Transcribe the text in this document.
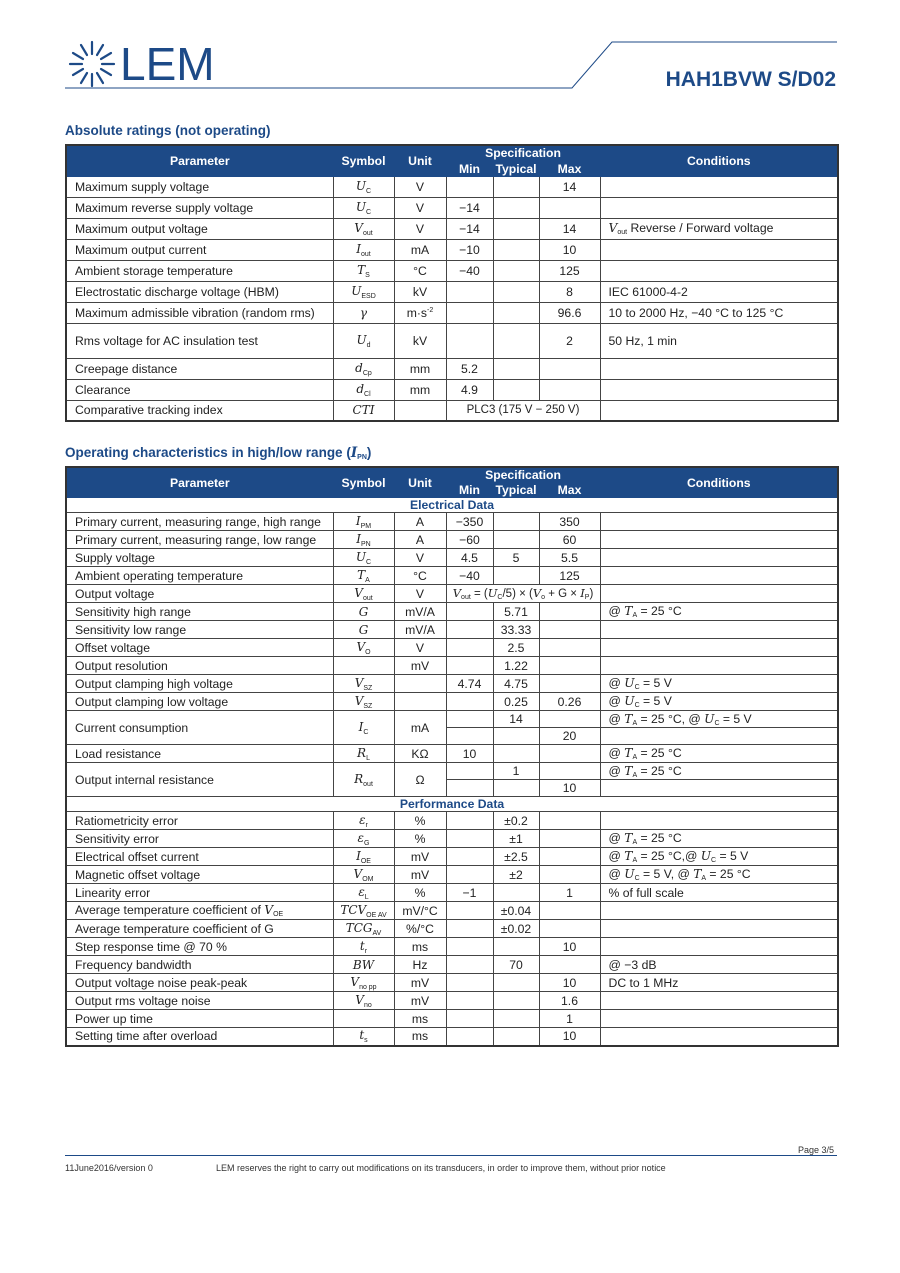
LEM	HAH1BVW S/D02
Absolute ratings (not operating)
Parameter	Symbol	Unit	Specification			Conditions
			Min	Typical	Max	
Maximum supply voltage	$U_C$	V			14	
Maximum reverse supply voltage	$U_C$	V	−14			
Maximum output voltage	$V_{out}$	V	−14		14	$V_{out}$ Reverse / Forward voltage
Maximum output current	$I_{out}$	mA	−10		10	
Ambient storage temperature	$T_S$	°C	−40		125	
Electrostatic discharge voltage (HBM)	$U_{ESD}$	kV			8	IEC 61000-4-2
Maximum admissible vibration (random rms)	γ	$m\cdot s^{-2}$			96.6	10 to 2000 Hz, −40 °C to 125 °C
Rms voltage for AC insulation test	$U_d$	kV			2	50 Hz, 1 min
Creepage distance	$d_{Cp}$	mm	5.2			
Clearance	$d_{Cl}$	mm	4.9			
Comparative tracking index	CTI		PLC3 (175 V − 250 V)			
Operating characteristics in high/low range $(I_{PN})$
Parameter	Symbol	Unit	Specification			Conditions
			Min	Typical	Max	
Electrical Data						
Primary current, measuring range, high range	$I_{PM}$	A	−350		350	
Primary current, measuring range, low range	$I_{PN}$	A	−60		60	
Supply voltage	$U_C$	V	4.5	5	5.5	
Ambient operating temperature	$T_A$	°C	−40		125	
Output voltage	$V_{out}$	V	$V_{out} = (U_C/5) \times (V_o + G \times I_P)$			
Sensitivity high range	G	mV/A		5.71		@ $T_A = 25$ °C
Sensitivity low range	G	mV/A		33.33		
Offset voltage	$V_O$	V		2.5		
Output resolution		mV		1.22		
Output clamping high voltage	$V_{SZ}$		4.74	4.75		@ $U_C = 5$ V
Output clamping low voltage	$V_{SZ}$			0.25	0.26	@ $U_C = 5$ V
Current consumption	$I_C$	mA		14		@ $T_A = 25$ °C, @ $U_C = 5$ V
					20	
Load resistance	$R_L$	KΩ	10			@ $T_A = 25$ °C
Output internal resistance	$R_{out}$	Ω		1		@ $T_A = 25$ °C
					10	
Performance Data						
Ratiometricity error	$\varepsilon_r$	%		±0.2		
Sensitivity error	$\varepsilon_G$	%		±1		@ $T_A = 25$ °C
Electrical offset current	$I_{OE}$	mV		±2.5		@ $T_A = 25$ °C,@ $U_C = 5$ V
Magnetic offset voltage	$V_{OM}$	mV		±2		@ $U_C = 5$ V, @ $T_A = 25$ °C
Linearity error	$\varepsilon_L$	%	−1		1	% of full scale
Average temperature coefficient of $V_{OE}$	$TCV_{OE AV}$	mV/°C		±0.04		
Average temperature coefficient of G	$TCG_{AV}$	%/°C		±0.02		
Step response time @ 70 %	$t_r$	ms			10	
Frequency bandwidth	BW	Hz		70		@ −3 dB
Output voltage noise peak-peak	$V_{no pp}$	mV			10	DC to 1 MHz
Output rms voltage noise	$V_{no}$	mV			1.6	
Power up time		ms			1	
Setting time after overload	$t_s$	ms			10	
Page 3/5
11June2016/version 0	LEM reserves the right to carry out modifications on its transducers, in order to improve them, without prior notice
